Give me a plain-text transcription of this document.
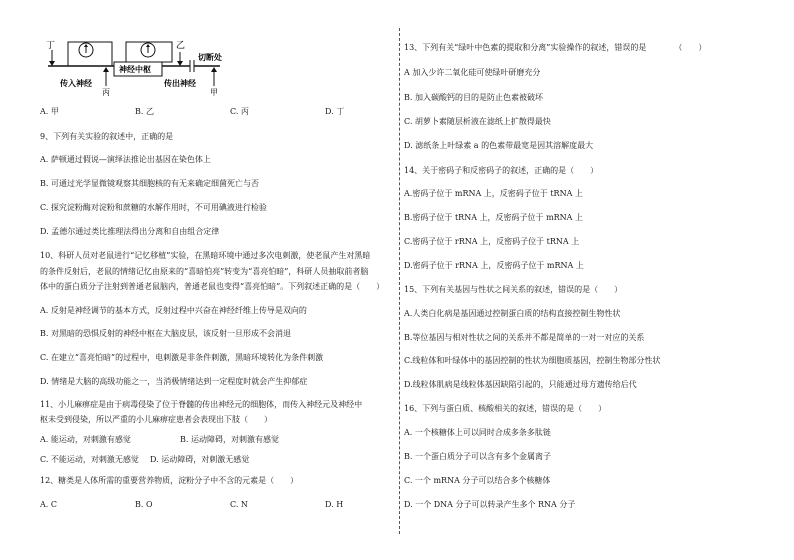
丁
传入神经
神经中枢
丙
传出神经
乙
切断处
甲
A. 甲	B. 乙	C. 丙	D. 丁
9、下列有关实验的叙述中，正确的是
A. 萨顿通过假说—演绎法推论出基因在染色体上
B. 可通过光学显微镜观察其细胞核的有无来确定细菌死亡与否
C. 探究淀粉酶对淀粉和蔗糖的水解作用时，不可用碘液进行检验
D. 孟德尔通过类比推理法得出分离和自由组合定律
10、科研人员对老鼠进行“记忆移植”实验，在黑暗环境中通过多次电刺激，使老鼠产生对黑暗
的条件反射后，老鼠的情绪记忆由原来的“喜暗怕亮”转变为“喜亮怕暗”，科研人员抽取前者脑
体中的蛋白质分子注射到普通老鼠脑内，普通老鼠也变得“喜亮怕暗”。下列叙述正确的是（　　）
A. 反射是神经调节的基本方式，反射过程中兴奋在神经纤维上传导是双向的
B. 对黑暗的恐惧反射的神经中枢在大脑皮层，该反射一旦形成不会消退
C. 在建立“喜亮怕暗”的过程中，电刺激是非条件刺激，黑暗环境转化为条件刺激
D. 情绪是大脑的高级功能之一，当消极情绪达到一定程度时就会产生抑郁症
11、小儿麻痹症是由于病毒侵染了位于脊髓的传出神经元的细胞体，而传入神经元及神经中
枢未受到侵染，所以严重的小儿麻痹症患者会表现出下肢（　　）
A. 能运动，对刺激有感觉	B. 运动障碍，对刺激有感觉
C. 不能运动，对刺激无感觉 D. 运动障碍，对刺激无感觉
12、糖类是人体所需的重要营养物质，淀粉分子中不含的元素是（　　）
A. C	B. O	C. N	D. H
13、下列有关“绿叶中色素的提取和分离”实验操作的叙述，错误的是　　　　（　　）
A 加入少许二氧化硅可使绿叶研磨充分
B. 加入碳酸钙的目的是防止色素被破坏
C. 胡萝卜素随层析液在滤纸上扩散得最快
D. 滤纸条上叶绿素 a 的色素带最宽是因其溶解度最大
14、关于密码子和反密码子的叙述，正确的是（　　）
A.密码子位于 mRNA 上，反密码子位于 tRNA 上
B.密码子位于 tRNA 上，反密码子位于 mRNA 上
C.密码子位于 rRNA 上，反密码子位于 tRNA 上
D.密码子位于 rRNA 上，反密码子位于 mRNA 上
15、下列有关基因与性状之间关系的叙述，错误的是（　　）
A.人类白化病是基因通过控制蛋白质的结构直接控制生物性状
B.等位基因与相对性状之间的关系并不都是简单的一对一对应的关系
C.线粒体和叶绿体中的基因控制的性状为细胞质基因，控制生物部分性状
D.线粒体肌病是线粒体基因缺陷引起的，只能通过母方遗传给后代
16、下列与蛋白质、核酸相关的叙述，错误的是（　　）
A. 一个核糖体上可以同时合成多条多肽链
B. 一个蛋白质分子可以含有多个金属离子
C. 一个 mRNA 分子可以结合多个核糖体
D. 一个 DNA 分子可以转录产生多个 RNA 分子
